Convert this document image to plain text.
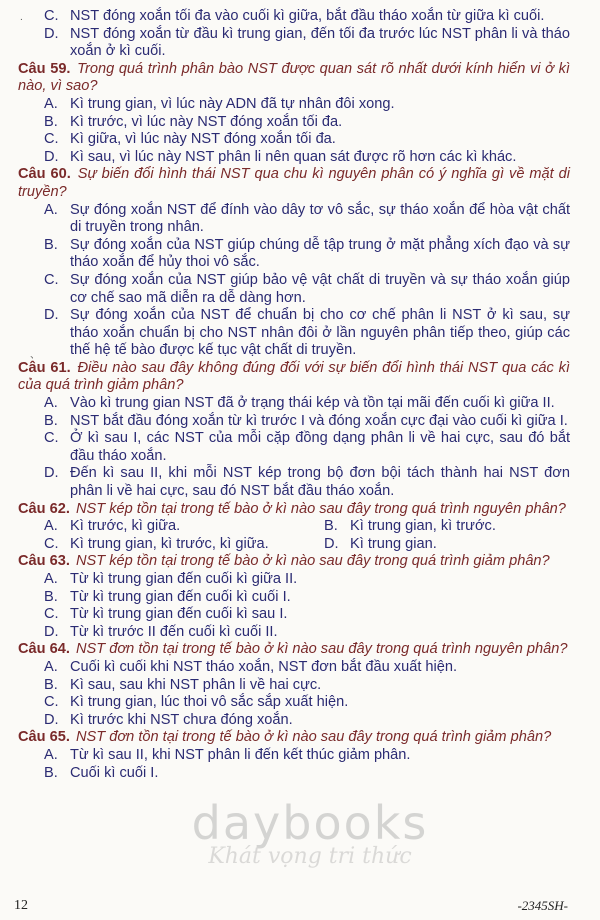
.
、
C. NST đóng xoắn tối đa vào cuối kì giữa, bắt đầu tháo xoắn từ giữa kì cuối.
D. NST đóng xoắn từ đầu kì trung gian, đến tối đa trước lúc NST phân li và tháo xoắn ở kì cuối.
Câu 59. Trong quá trình phân bào NST được quan sát rõ nhất dưới kính hiển vi ở kì nào, vì sao?
A. Kì trung gian, vì lúc này ADN đã tự nhân đôi xong.
B. Kì trước, vì lúc này NST đóng xoắn tối đa.
C. Kì giữa, vì lúc này NST đóng xoắn tối đa.
D. Kì sau, vì lúc này NST phân li nên quan sát được rõ hơn các kì khác.
Câu 60. Sự biến đổi hình thái NST qua chu kì nguyên phân có ý nghĩa gì về mặt di truyền?
A. Sự đóng xoắn NST để đính vào dây tơ vô sắc, sự tháo xoắn để hòa vật chất di truyền trong nhân.
B. Sự đóng xoắn của NST giúp chúng dễ tập trung ở mặt phẳng xích đạo và sự tháo xoắn để hủy thoi vô sắc.
C. Sự đóng xoắn của NST giúp bảo vệ vật chất di truyền và sự tháo xoắn giúp cơ chế sao mã diễn ra dễ dàng hơn.
D. Sự đóng xoắn của NST để chuẩn bị cho cơ chế phân li NST ở kì sau, sự tháo xoắn chuẩn bị cho NST nhân đôi ở lần nguyên phân tiếp theo, giúp các thế hệ tế bào được kế tục vật chất di truyền.
Câu 61. Điều nào sau đây không đúng đối với sự biến đổi hình thái NST qua các kì của quá trình giảm phân?
A. Vào kì trung gian NST đã ở trạng thái kép và tồn tại mãi đến cuối kì giữa II.
B. NST bắt đầu đóng xoắn từ kì trước I và đóng xoắn cực đại vào cuối kì giữa I.
C. Ở kì sau I, các NST của mỗi cặp đồng dạng phân li về hai cực, sau đó bắt đầu tháo xoắn.
D. Đến kì sau II, khi mỗi NST kép trong bộ đơn bội tách thành hai NST đơn phân li về hai cực, sau đó NST bắt đầu tháo xoắn.
Câu 62. NST kép tồn tại trong tế bào ở kì nào sau đây trong quá trình nguyên phân?
A. Kì trước, kì giữa.	B. Kì trung gian, kì trước.
C. Kì trung gian, kì trước, kì giữa.	D. Kì trung gian.
Câu 63. NST kép tồn tại trong tế bào ở kì nào sau đây trong quá trình giảm phân?
A. Từ kì trung gian đến cuối kì giữa II.
B. Từ kì trung gian đến cuối kì cuối I.
C. Từ kì trung gian đến cuối kì sau I.
D. Từ kì trước II đến cuối kì cuối II.
Câu 64. NST đơn tồn tại trong tế bào ở kì nào sau đây trong quá trình nguyên phân?
A. Cuối kì cuối khi NST tháo xoắn, NST đơn bắt đầu xuất hiện.
B. Kì sau, sau khi NST phân li về hai cực.
C. Kì trung gian, lúc thoi vô sắc sắp xuất hiện.
D. Kì trước khi NST chưa đóng xoắn.
Câu 65. NST đơn tồn tại trong tế bào ở kì nào sau đây trong quá trình giảm phân?
A. Từ kì sau II, khi NST phân li đến kết thúc giảm phân.
B. Cuối kì cuối I.
daybooks
Khát vọng tri thức
12	-2345SH-
